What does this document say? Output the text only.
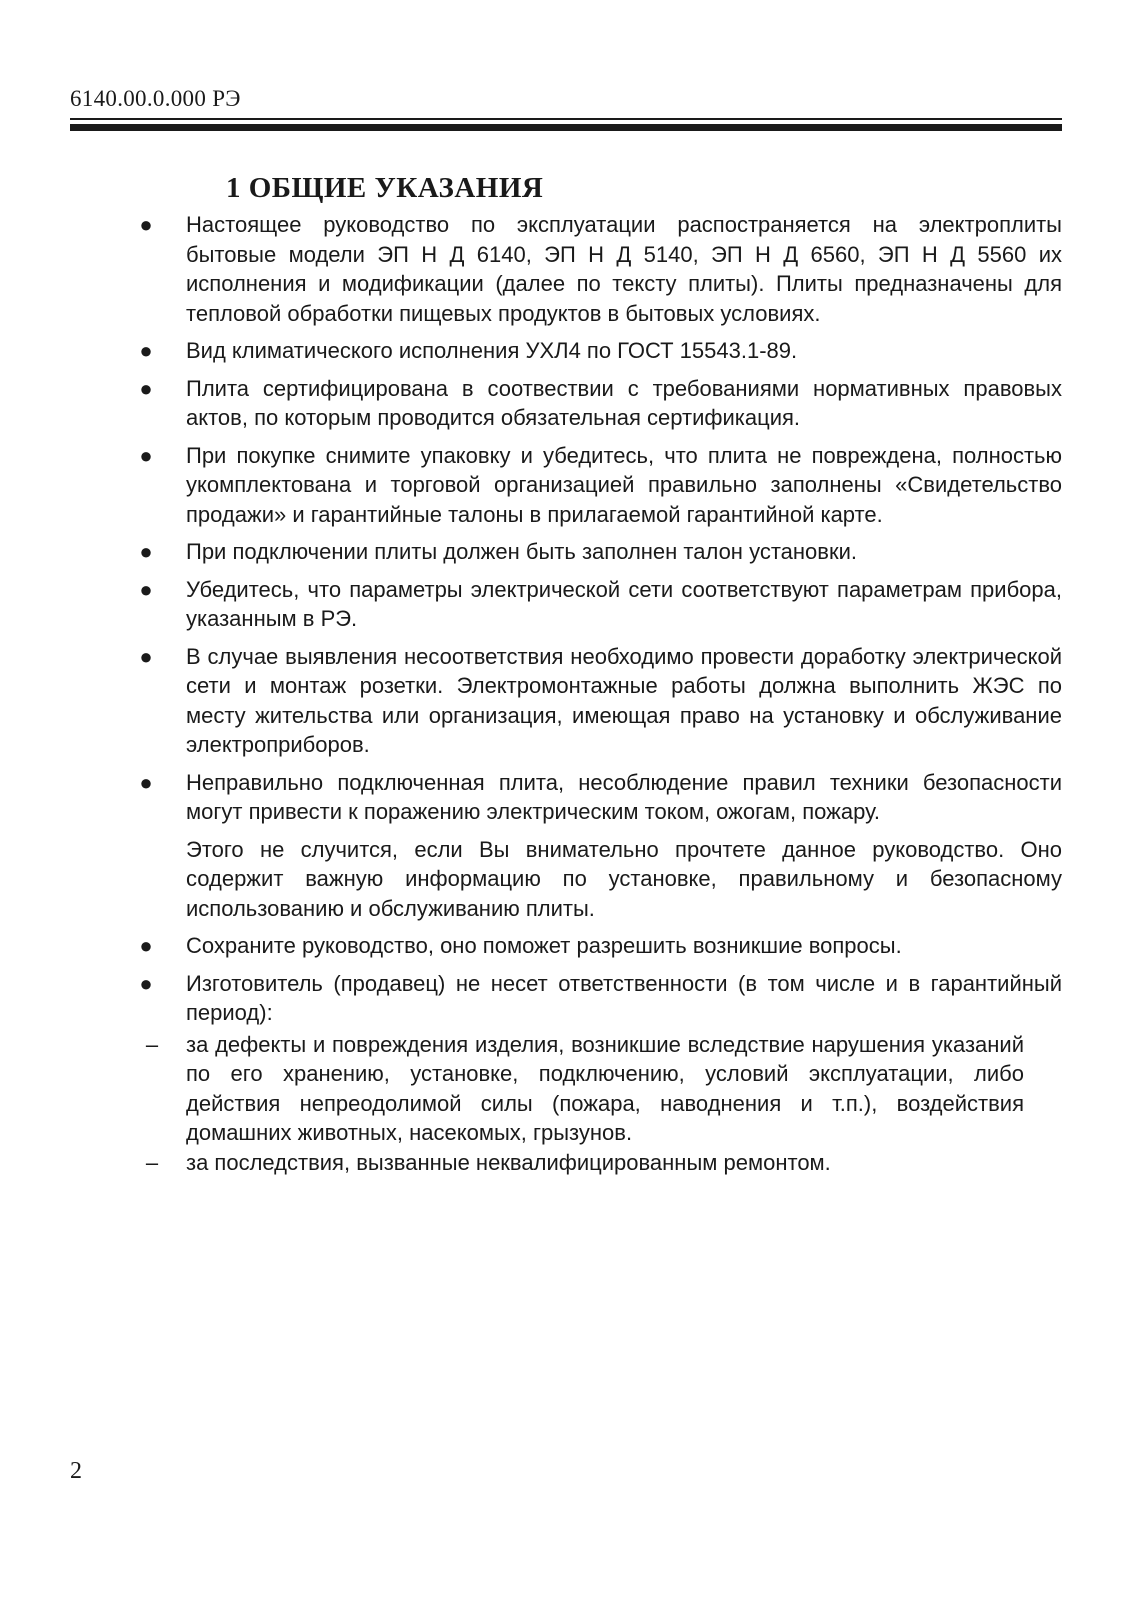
6140.00.0.000 РЭ
1 ОБЩИЕ УКАЗАНИЯ
● Настоящее руководство по эксплуатации распостраняется на электроплиты бытовые модели ЭП Н Д 6140, ЭП Н Д 5140, ЭП Н Д 6560, ЭП Н Д 5560 их исполнения и модификации (далее по тексту плиты). Плиты предназначены для тепловой обработки пищевых продуктов в бытовых условиях.
● Вид климатического исполнения УХЛ4 по ГОСТ 15543.1-89.
● Плита сертифицирована в соотвествии с требованиями нормативных правовых актов, по которым проводится обязательная сертификация.
● При покупке снимите упаковку и убедитесь, что плита не повреждена, полностью укомплектована и торговой организацией правильно заполнены «Свидетельство продажи» и гарантийные талоны в прилагаемой гарантийной карте.
● При подключении плиты должен быть заполнен талон установки.
● Убедитесь, что параметры электрической сети соответствуют параметрам прибора, указанным в РЭ.
● В случае выявления несоответствия необходимо провести доработку электрической сети и монтаж розетки. Электромонтажные работы должна выполнить ЖЭС по месту жительства или организация, имеющая право на установку и обслуживание электроприборов.
● Неправильно подключенная плита, несоблюдение правил техники безопасности могут привести к поражению электрическим током, ожогам, пожару.
Этого не случится, если Вы внимательно прочтете данное руководство. Оно содержит важную информацию по установке, правильному и безопасному использованию и обслуживанию плиты.
● Сохраните руководство, оно поможет разрешить возникшие вопросы.
● Изготовитель (продавец) не несет ответственности (в том числе и в гарантийный период):
– за дефекты и повреждения изделия, возникшие вследствие нарушения указаний по его хранению, установке, подключению, условий эксплуатации, либо действия непреодолимой силы (пожара, наводнения и т.п.), воздействия домашних животных, насекомых, грызунов.
– за последствия, вызванные неквалифицированным ремонтом.
2
